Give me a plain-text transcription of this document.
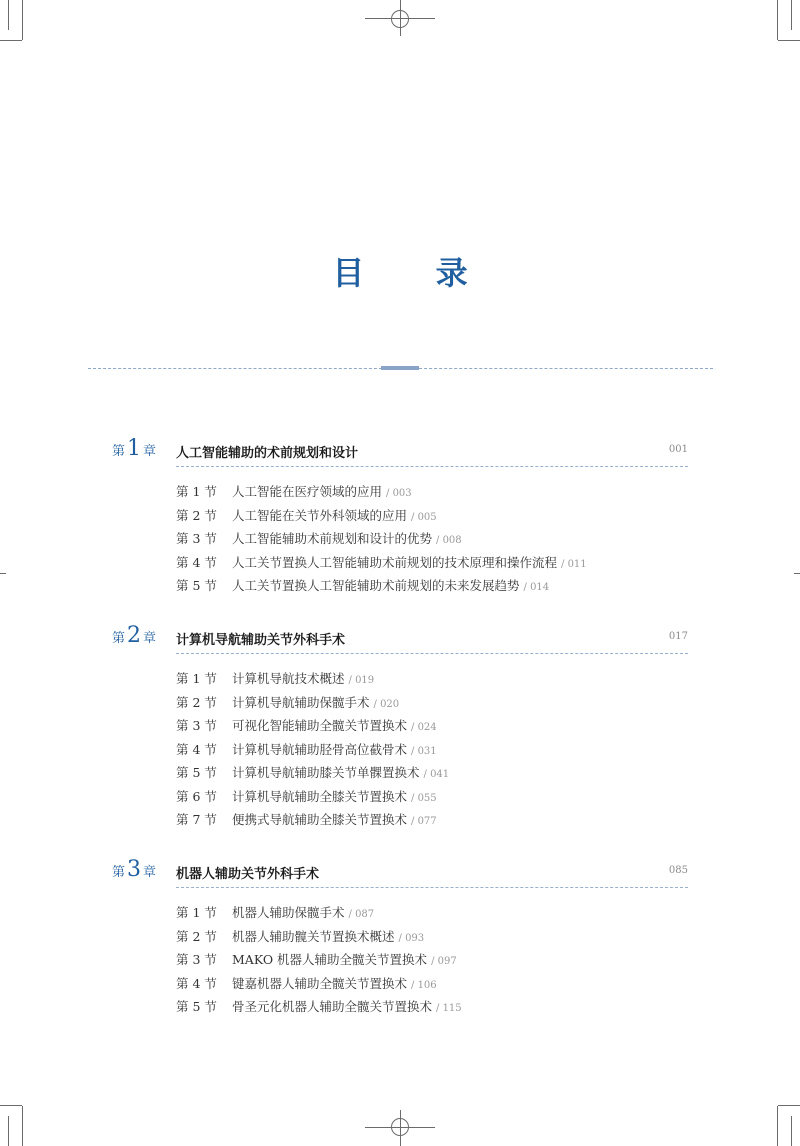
目 录
第1 章 人工智能辅助的术前规划和设计	001
第 1 节 人工智能在医疗领域的应用 / 003
第 2 节 人工智能在关节外科领域的应用 / 005
第 3 节 人工智能辅助术前规划和设计的优势 / 008
第 4 节 人工关节置换人工智能辅助术前规划的技术原理和操作流程 / 011
第 5 节 人工关节置换人工智能辅助术前规划的未来发展趋势 / 014
第2 章 计算机导航辅助关节外科手术	017
第 1 节 计算机导航技术概述 / 019
第 2 节 计算机导航辅助保髋手术 / 020
第 3 节 可视化智能辅助全髋关节置换术 / 024
第 4 节 计算机导航辅助胫骨高位截骨术 / 031
第 5 节 计算机导航辅助膝关节单髁置换术 / 041
第 6 节 计算机导航辅助全膝关节置换术 / 055
第 7 节 便携式导航辅助全膝关节置换术 / 077
第3 章 机器人辅助关节外科手术	085
第 1 节 机器人辅助保髋手术 / 087
第 2 节 机器人辅助髋关节置换术概述 / 093
第 3 节 MAKO 机器人辅助全髋关节置换术 / 097
第 4 节 键嘉机器人辅助全髋关节置换术 / 106
第 5 节 骨圣元化机器人辅助全髋关节置换术 / 115
